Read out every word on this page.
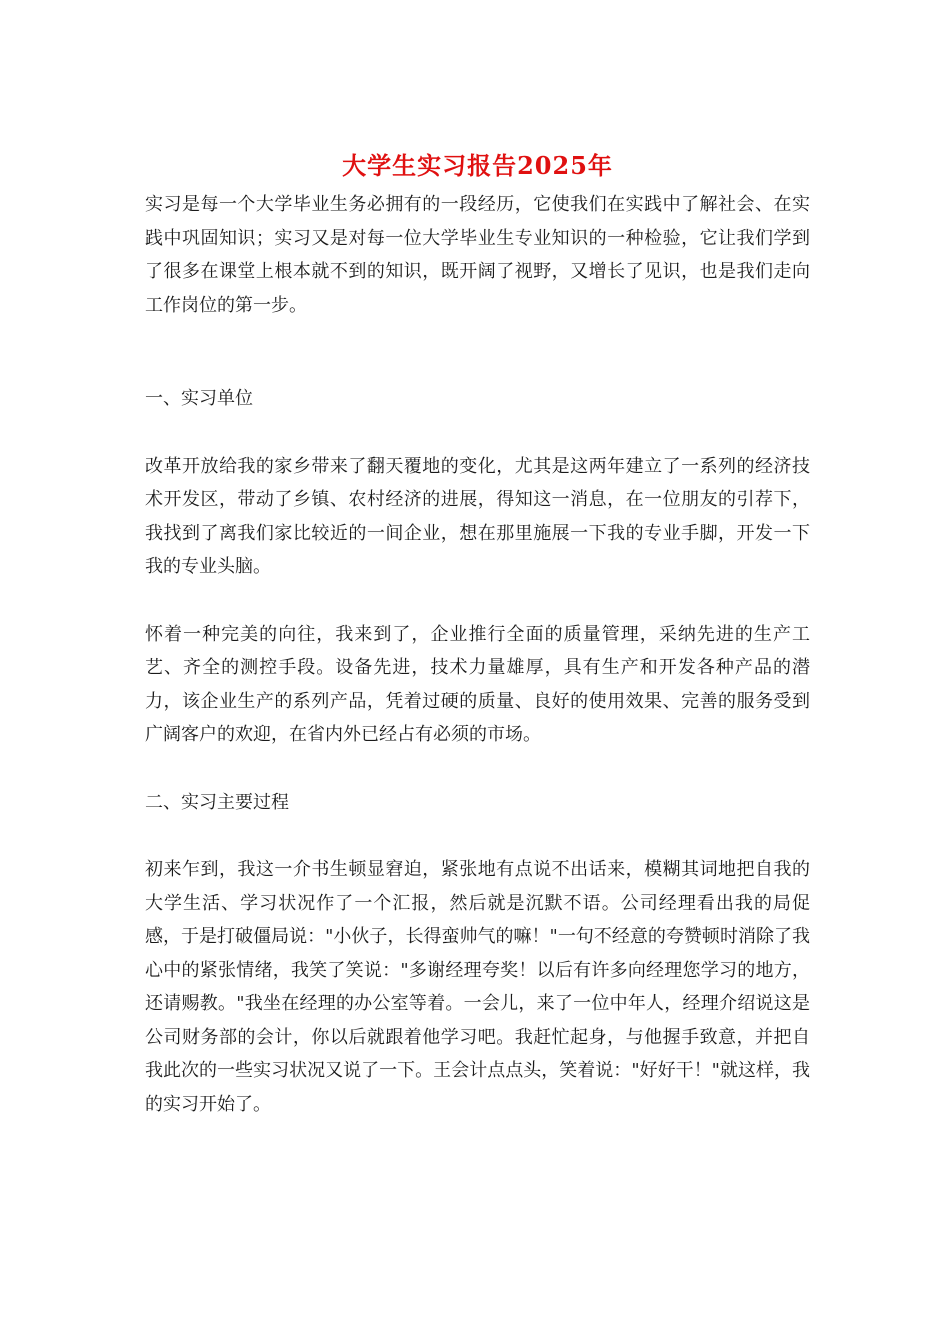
大学生实习报告2025年

实习是每一个大学毕业生务必拥有的一段经历，它使我们在实践中了解社会、在实践中巩固知识；实习又是对每一位大学毕业生专业知识的一种检验，它让我们学到了很多在课堂上根本就不到的知识，既开阔了视野，又增长了见识，也是我们走向工作岗位的第一步。

一、实习单位

改革开放给我的家乡带来了翻天覆地的变化，尤其是这两年建立了一系列的经济技术开发区，带动了乡镇、农村经济的进展，得知这一消息，在一位朋友的引荐下，我找到了离我们家比较近的一间企业，想在那里施展一下我的专业手脚，开发一下我的专业头脑。

怀着一种完美的向往，我来到了，企业推行全面的质量管理，采纳先进的生产工艺、齐全的测控手段。设备先进，技术力量雄厚，具有生产和开发各种产品的潜力，该企业生产的系列产品，凭着过硬的质量、良好的使用效果、完善的服务受到广阔客户的欢迎，在省内外已经占有必须的市场。

二、实习主要过程

初来乍到，我这一介书生顿显窘迫，紧张地有点说不出话来，模糊其词地把自我的大学生活、学习状况作了一个汇报，然后就是沉默不语。公司经理看出我的局促感，于是打破僵局说："小伙子，长得蛮帅气的嘛！"一句不经意的夸赞顿时消除了我心中的紧张情绪，我笑了笑说："多谢经理夸奖！以后有许多向经理您学习的地方，还请赐教。"我坐在经理的办公室等着。一会儿，来了一位中年人，经理介绍说这是公司财务部的会计，你以后就跟着他学习吧。我赶忙起身，与他握手致意，并把自我此次的一些实习状况又说了一下。王会计点点头，笑着说："好好干！"就这样，我的实习开始了。
